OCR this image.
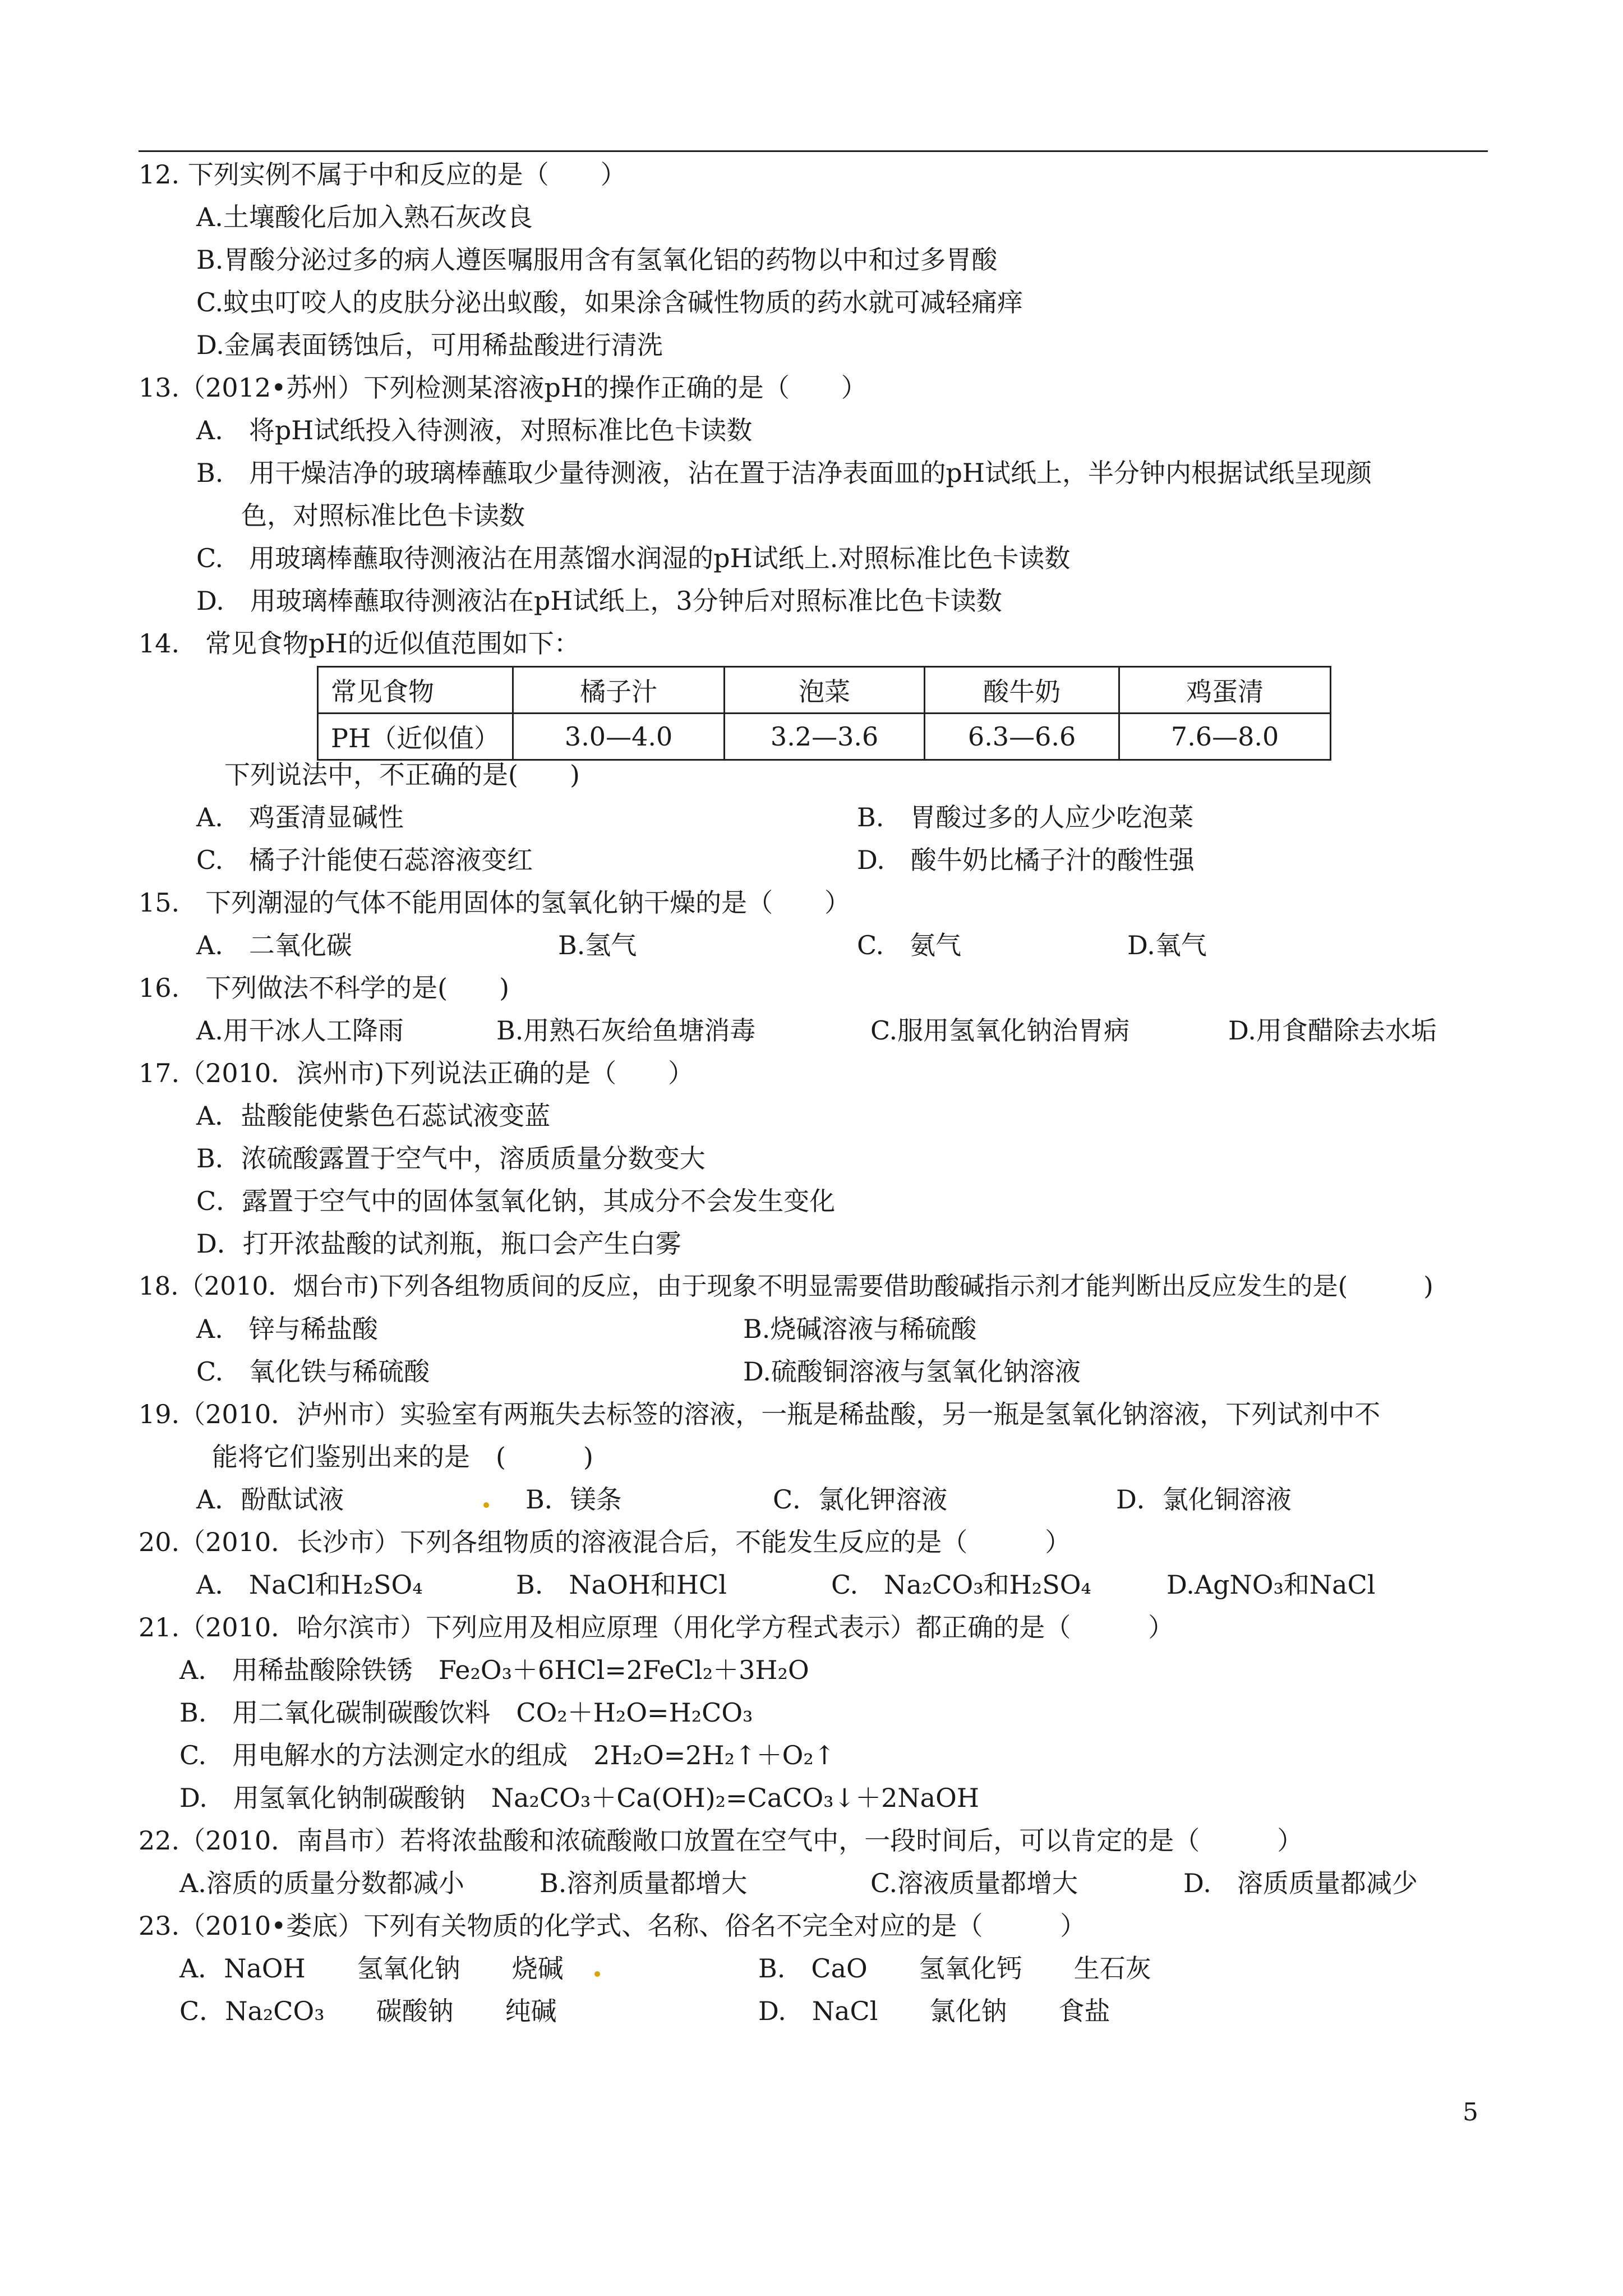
12. 下列实例不属于中和反应的是（　　）
A.土壤酸化后加入熟石灰改良
B.胃酸分泌过多的病人遵医嘱服用含有氢氧化铝的药物以中和过多胃酸
C.蚊虫叮咬人的皮肤分泌出蚁酸，如果涂含碱性物质的药水就可减轻痛痒
D.金属表面锈蚀后，可用稀盐酸进行清洗
13.（2012•苏州）下列检测某溶液pH的操作正确的是（　　）
A.　将pH试纸投入待测液，对照标准比色卡读数
B.　用干燥洁净的玻璃棒蘸取少量待测液，沾在置于洁净表面皿的pH试纸上，半分钟内根据试纸呈现颜
色，对照标准比色卡读数
C.　用玻璃棒蘸取待测液沾在用蒸馏水润湿的pH试纸上.对照标准比色卡读数
D.　用玻璃棒蘸取待测液沾在pH试纸上，3分钟后对照标准比色卡读数
14.　常见食物pH的近似值范围如下：
常见食物	橘子汁	泡菜	酸牛奶	鸡蛋清
PH（近似值）	3.0—4.0	3.2—3.6	6.3—6.6	7.6—8.0
下列说法中，不正确的是(　　)
A.　鸡蛋清显碱性	B.　胃酸过多的人应少吃泡菜
C.　橘子汁能使石蕊溶液变红	D.　酸牛奶比橘子汁的酸性强
15.　下列潮湿的气体不能用固体的氢氧化钠干燥的是（　　）
A.　二氧化碳	B.氢气	C.　氨气	D.氧气
16.　下列做法不科学的是(　　)
A.用干冰人工降雨	B.用熟石灰给鱼塘消毒	C.服用氢氧化钠治胃病	D.用食醋除去水垢
17.（2010．滨州市)下列说法正确的是（　　）
A．盐酸能使紫色石蕊试液变蓝
B．浓硫酸露置于空气中，溶质质量分数变大
C．露置于空气中的固体氢氧化钠，其成分不会发生变化
D．打开浓盐酸的试剂瓶，瓶口会产生白雾
18.（2010．烟台市)下列各组物质间的反应，由于现象不明显需要借助酸碱指示剂才能判断出反应发生的是(　　　)
A.　锌与稀盐酸	B.烧碱溶液与稀硫酸
C.　氧化铁与稀硫酸	D.硫酸铜溶液与氢氧化钠溶液
19.（2010．泸州市）实验室有两瓶失去标签的溶液，一瓶是稀盐酸，另一瓶是氢氧化钠溶液，下列试剂中不
能将它们鉴别出来的是　(　　　)
A．酚酞试液	B．镁条	C．氯化钾溶液	D．氯化铜溶液
20.（2010．长沙市）下列各组物质的溶液混合后，不能发生反应的是（　　　）
A.　NaCl和H₂SO₄	B.　NaOH和HCl	C.　Na₂CO₃和H₂SO₄	D.AgNO₃和NaCl
21.（2010．哈尔滨市）下列应用及相应原理（用化学方程式表示）都正确的是（　　　）
A.　用稀盐酸除铁锈　Fe₂O₃＋6HCl=2FeCl₂＋3H₂O
B.　用二氧化碳制碳酸饮料　CO₂＋H₂O=H₂CO₃
C.　用电解水的方法测定水的组成　2H₂O=2H₂↑＋O₂↑
D.　用氢氧化钠制碳酸钠　Na₂CO₃＋Ca(OH)₂=CaCO₃↓＋2NaOH
22.（2010．南昌市）若将浓盐酸和浓硫酸敞口放置在空气中，一段时间后，可以肯定的是（　　　）
A.溶质的质量分数都减小	B.溶剂质量都增大	C.溶液质量都增大	D.　溶质质量都减少
23.（2010•娄底）下列有关物质的化学式、名称、俗名不完全对应的是（　　　）
A．NaOH　　氢氧化钠　　烧碱	B.　CaO　　氢氧化钙　　生石灰
C．Na₂CO₃　　碳酸钠　　纯碱	D.　NaCl　　氯化钠　　食盐
5
